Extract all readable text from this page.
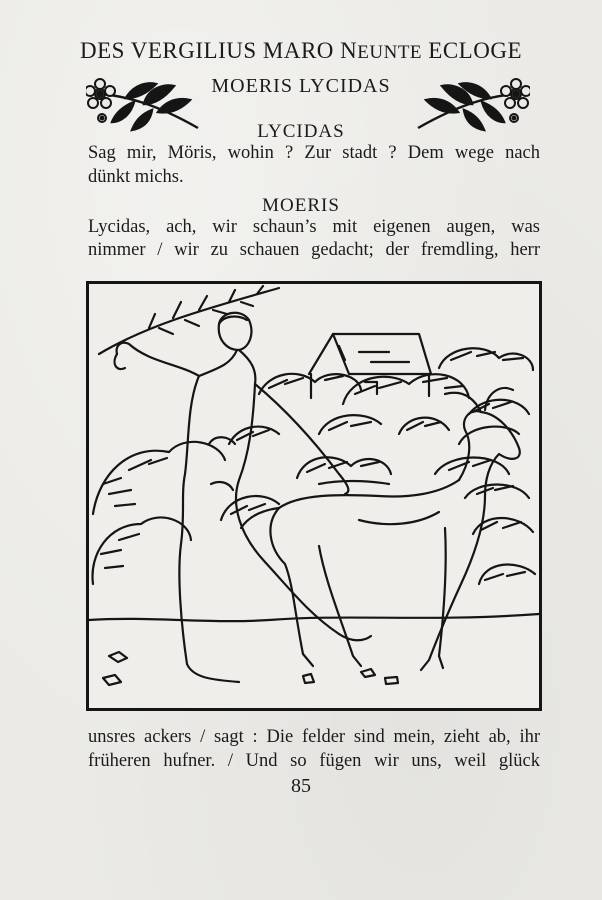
DES VERGILIUS MARO NEUNTE ECLOGE
MOERIS LYCIDAS
LYCIDAS
Sag mir, Möris, wohin ? Zur stadt ? Dem wege nach
dünkt michs.
MOERIS
Lycidas, ach, wir schaun’s mit eigenen augen, was
nimmer / wir zu schauen gedacht; der fremdling, herr
unsres ackers / sagt : Die felder sind mein, zieht ab, ihr
früheren hufner. / Und so fügen wir uns, weil glück
85
